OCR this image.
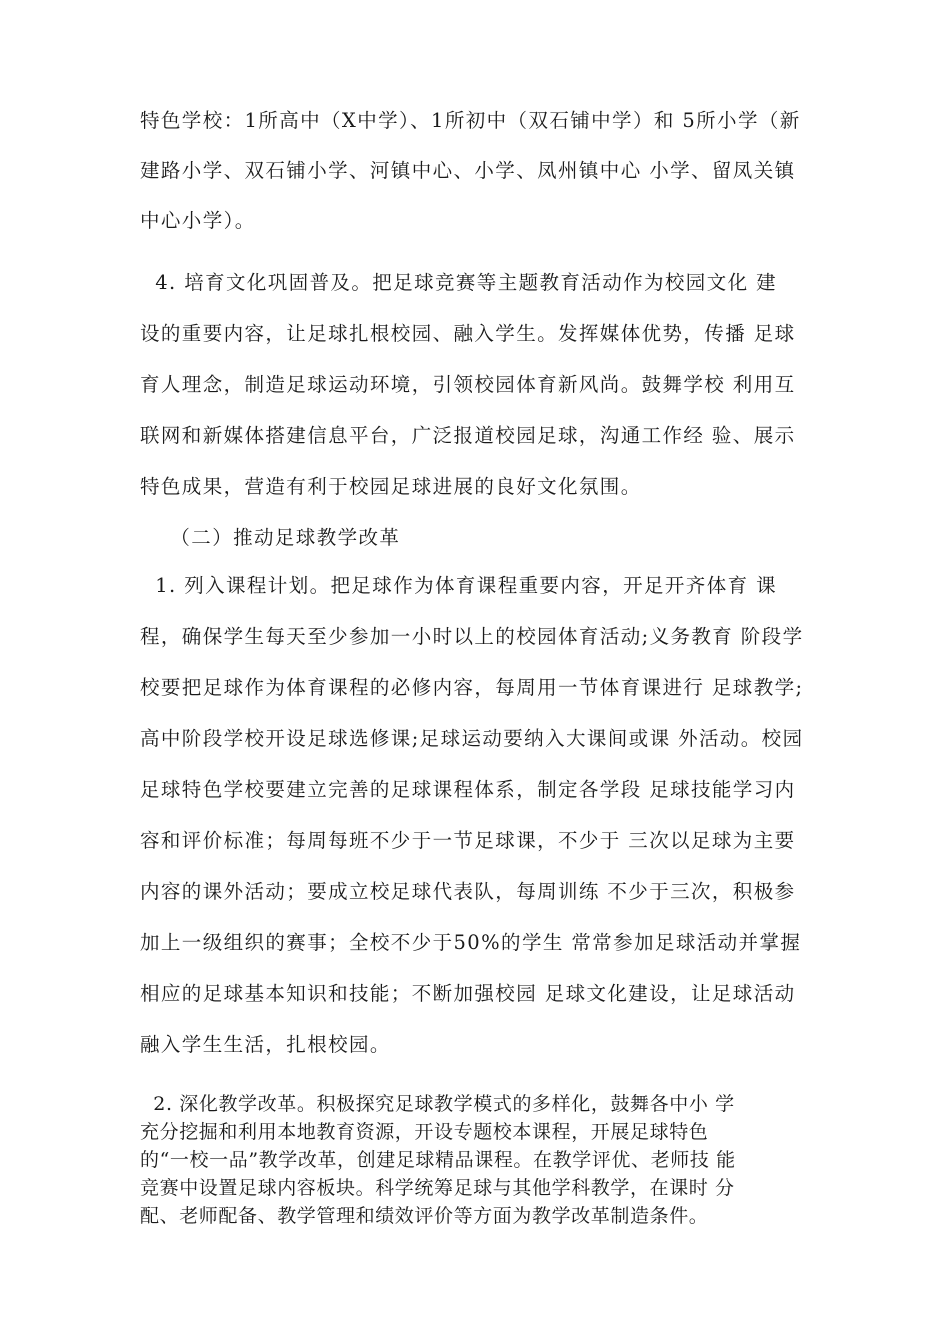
特色学校：1所高中（X中学）、1所初中（双石铺中学）和 5所小学（新
建路小学、双石铺小学、河镇中心、小学、凤州镇中心 小学、留凤关镇
中心小学）。
4. 培育文化巩固普及。把足球竞赛等主题教育活动作为校园文化 建
设的重要内容，让足球扎根校园、融入学生。发挥媒体优势，传播 足球
育人理念，制造足球运动环境，引领校园体育新风尚。鼓舞学校 利用互
联网和新媒体搭建信息平台，广泛报道校园足球，沟通工作经 验、展示
特色成果，营造有利于校园足球进展的良好文化氛围。
（二）推动足球教学改革
1. 列入课程计划。把足球作为体育课程重要内容，开足开齐体育 课
程，确保学生每天至少参加一小时以上的校园体育活动;义务教育 阶段学
校要把足球作为体育课程的必修内容，每周用一节体育课进行 足球教学;
高中阶段学校开设足球选修课;足球运动要纳入大课间或课 外活动。校园
足球特色学校要建立完善的足球课程体系，制定各学段 足球技能学习内
容和评价标准；每周每班不少于一节足球课，不少于 三次以足球为主要
内容的课外活动；要成立校足球代表队，每周训练 不少于三次，积极参
加上一级组织的赛事；全校不少于50%的学生 常常参加足球活动并掌握
相应的足球基本知识和技能；不断加强校园 足球文化建设，让足球活动
融入学生生活，扎根校园。
2. 深化教学改革。积极探究足球教学模式的多样化，鼓舞各中小 学
充分挖掘和利用本地教育资源，开设专题校本课程，开展足球特色
的“一校一品”教学改革，创建足球精品课程。在教学评优、老师技 能
竞赛中设置足球内容板块。科学统筹足球与其他学科教学，在课时 分
配、老师配备、教学管理和绩效评价等方面为教学改革制造条件。
